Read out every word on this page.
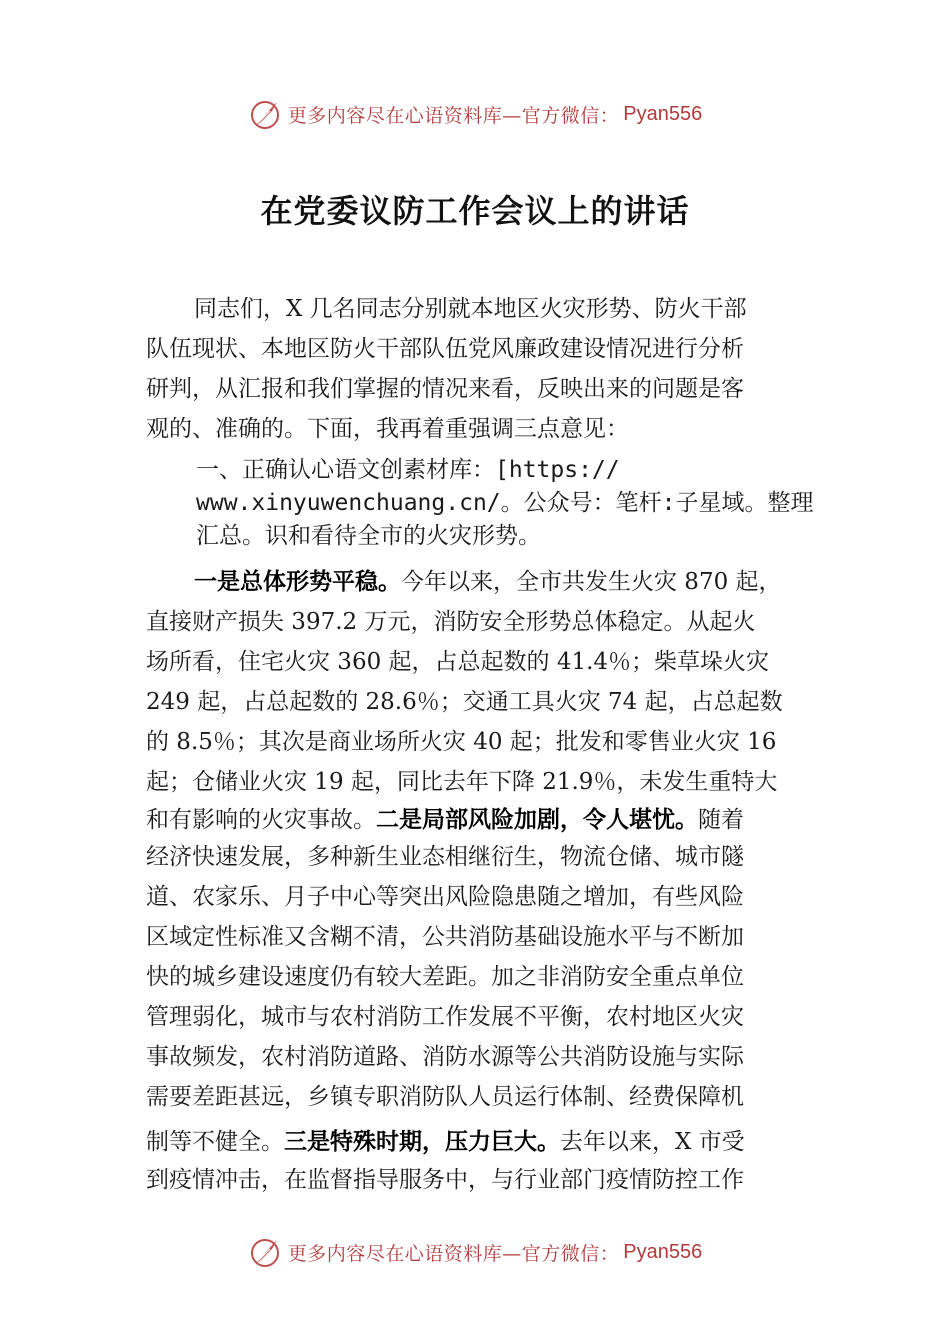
更多内容尽在心语资料库—官方微信： Pyan556
在党委议防工作会议上的讲话
同志们，X 几名同志分别就本地区火灾形势、防火干部
队伍现状、本地区防火干部队伍党风廉政建设情况进行分析
研判，从汇报和我们掌握的情况来看，反映出来的问题是客
观的、准确的。下面，我再着重强调三点意见：
一、正确认心语文创素材库：[https://
www.xinyuwenchuang.cn/。公众号：笔杆:子星域。整理
汇总。识和看待全市的火灾形势。
一是总体形势平稳。今年以来，全市共发生火灾 870 起，
直接财产损失 397.2 万元，消防安全形势总体稳定。从起火
场所看，住宅火灾 360 起，占总起数的 41.4％；柴草垛火灾
249 起，占总起数的 28.6％；交通工具火灾 74 起，占总起数
的 8.5％；其次是商业场所火灾 40 起；批发和零售业火灾 16
起；仓储业火灾 19 起，同比去年下降 21.9％，未发生重特大
和有影响的火灾事故。二是局部风险加剧，令人堪忧。随着
经济快速发展，多种新生业态相继衍生，物流仓储、城市隧
道、农家乐、月子中心等突出风险隐患随之增加，有些风险
区域定性标准又含糊不清，公共消防基础设施水平与不断加
快的城乡建设速度仍有较大差距。加之非消防安全重点单位
管理弱化，城市与农村消防工作发展不平衡，农村地区火灾
事故频发，农村消防道路、消防水源等公共消防设施与实际
需要差距甚远，乡镇专职消防队人员运行体制、经费保障机
制等不健全。三是特殊时期，压力巨大。去年以来，X 市受
到疫情冲击，在监督指导服务中，与行业部门疫情防控工作
更多内容尽在心语资料库—官方微信： Pyan556
